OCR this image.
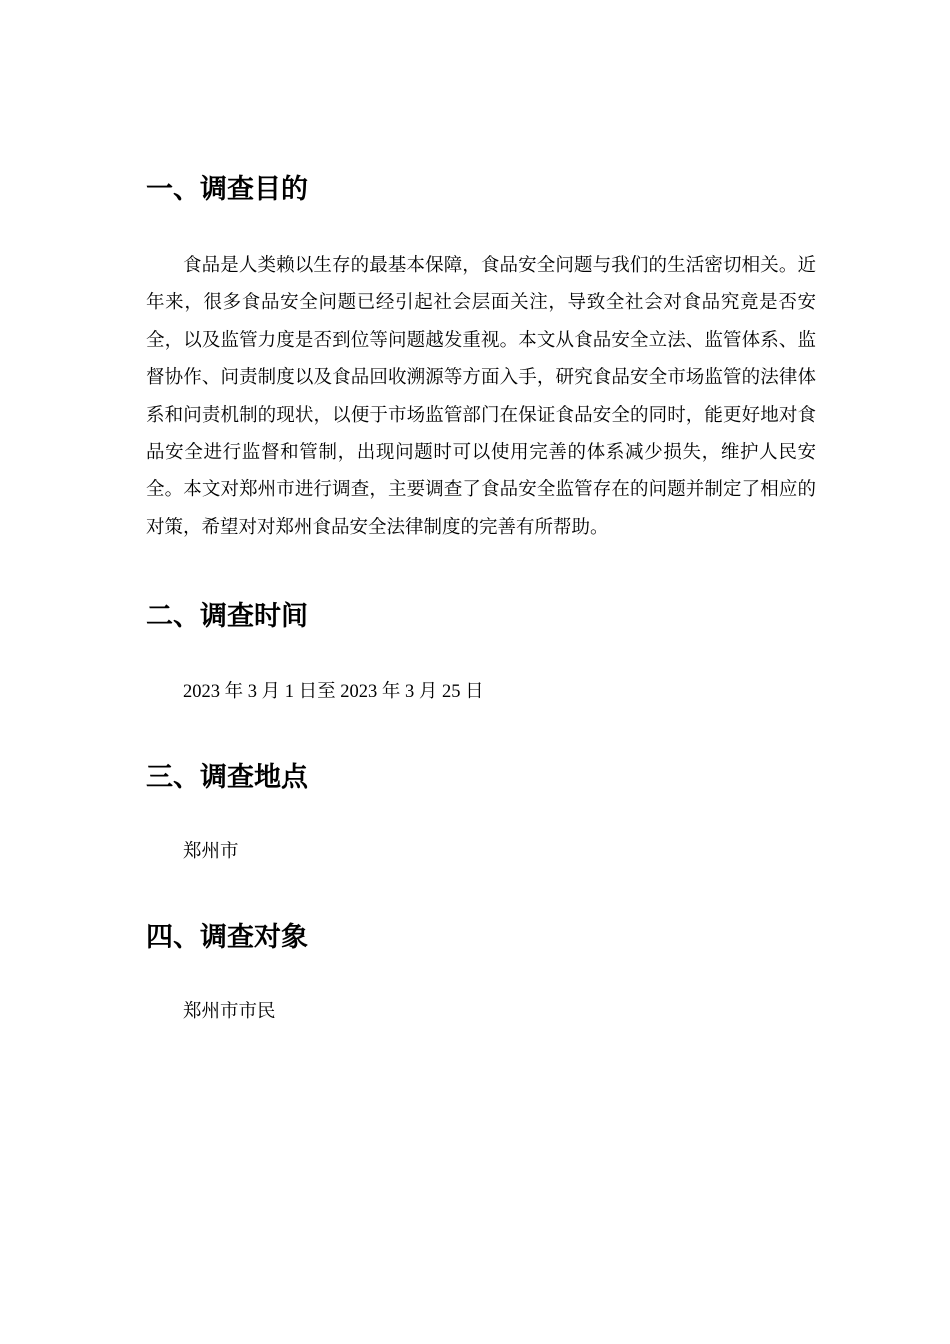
一、调查目的

食品是人类赖以生存的最基本保障，食品安全问题与我们的生活密切相关。近年来，很多食品安全问题已经引起社会层面关注，导致全社会对食品究竟是否安全，以及监管力度是否到位等问题越发重视。本文从食品安全立法、监管体系、监督协作、问责制度以及食品回收溯源等方面入手，研究食品安全市场监管的法律体系和问责机制的现状，以便于市场监管部门在保证食品安全的同时，能更好地对食品安全进行监督和管制，出现问题时可以使用完善的体系减少损失，维护人民安全。本文对郑州市进行调查，主要调查了食品安全监管存在的问题并制定了相应的对策，希望对对郑州食品安全法律制度的完善有所帮助。

二、调查时间

2023 年 3 月 1 日至 2023 年 3 月 25 日

三、调查地点

郑州市

四、调查对象

郑州市市民
